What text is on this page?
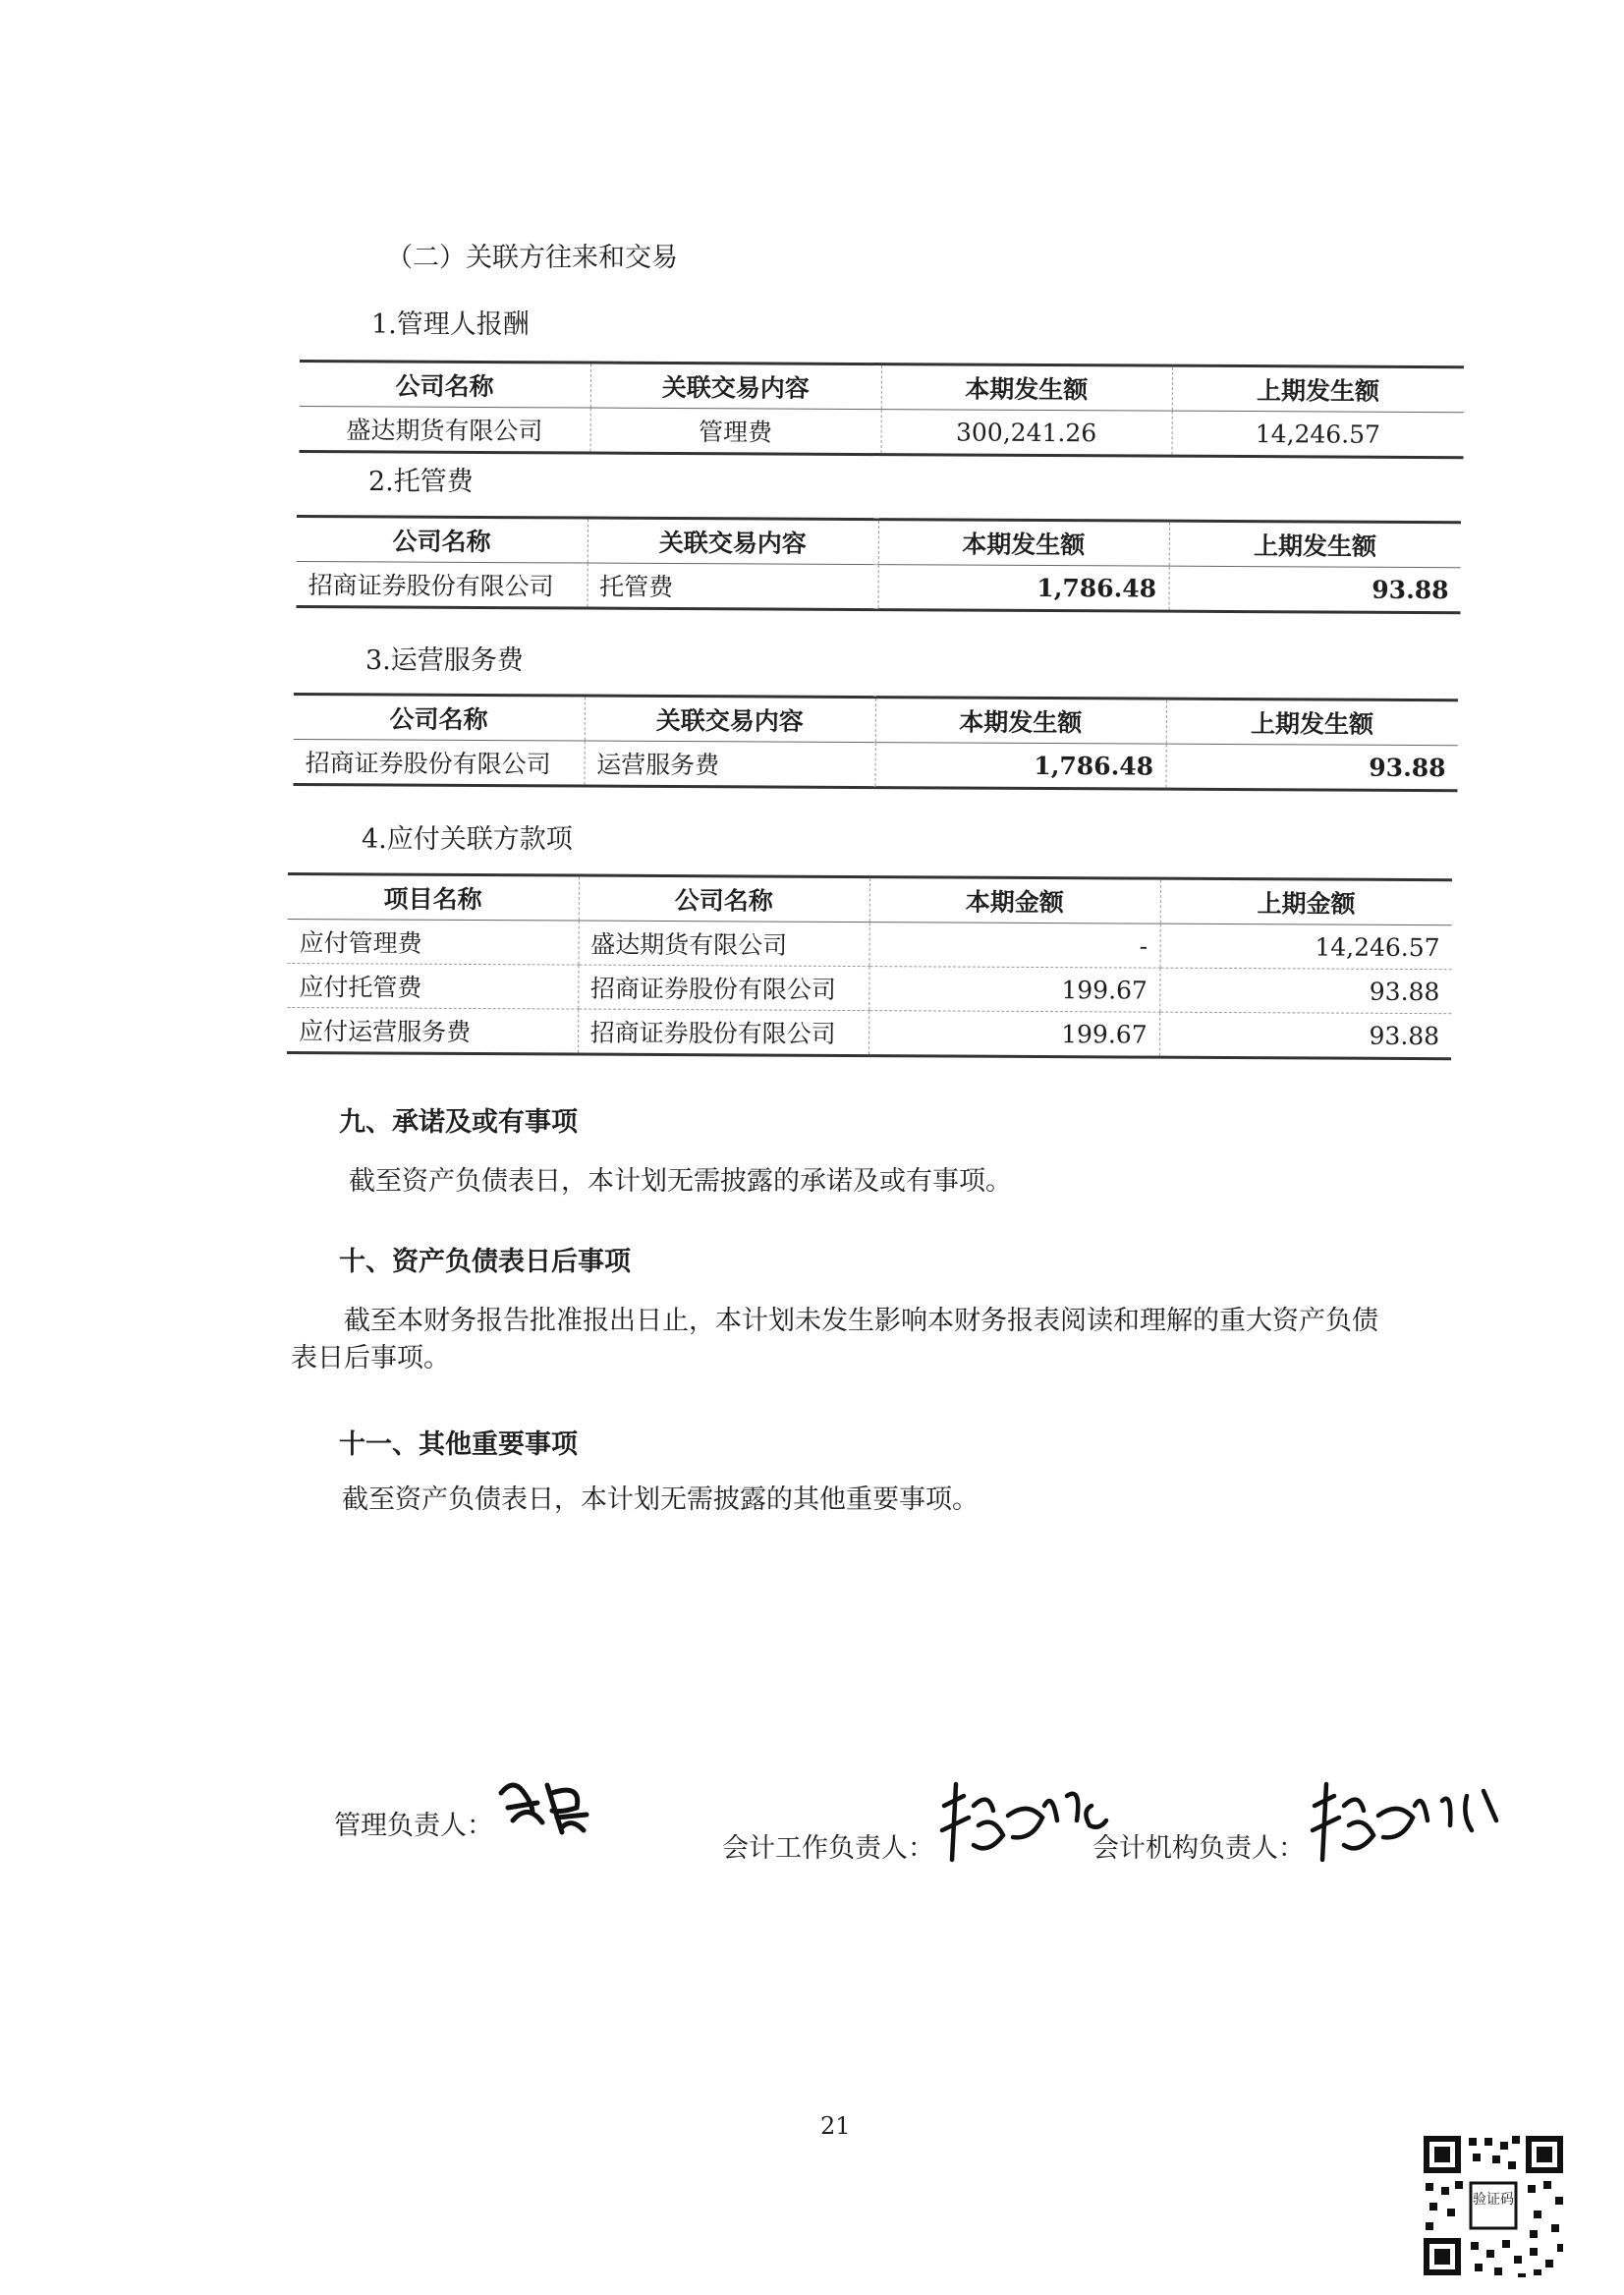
（二）关联方往来和交易
1.管理人报酬
公司名称	关联交易内容	本期发生额	上期发生额
盛达期货有限公司	管理费	300,241.26	14,246.57
2.托管费
公司名称	关联交易内容	本期发生额	上期发生额
招商证券股份有限公司	托管费	1,786.48	93.88
3.运营服务费
公司名称	关联交易内容	本期发生额	上期发生额
招商证券股份有限公司	运营服务费	1,786.48	93.88
4.应付关联方款项
项目名称	公司名称	本期金额	上期金额
应付管理费	盛达期货有限公司	-	14,246.57
应付托管费	招商证券股份有限公司	199.67	93.88
应付运营服务费	招商证券股份有限公司	199.67	93.88
九、承诺及或有事项
截至资产负债表日，本计划无需披露的承诺及或有事项。
十、资产负债表日后事项
截至本财务报告批准报出日止，本计划未发生影响本财务报表阅读和理解的重大资产负债
表日后事项。
十一、其他重要事项
截至资产负债表日，本计划无需披露的其他重要事项。
管理负责人：
会计工作负责人：	会计机构负责人：
21
验证码
